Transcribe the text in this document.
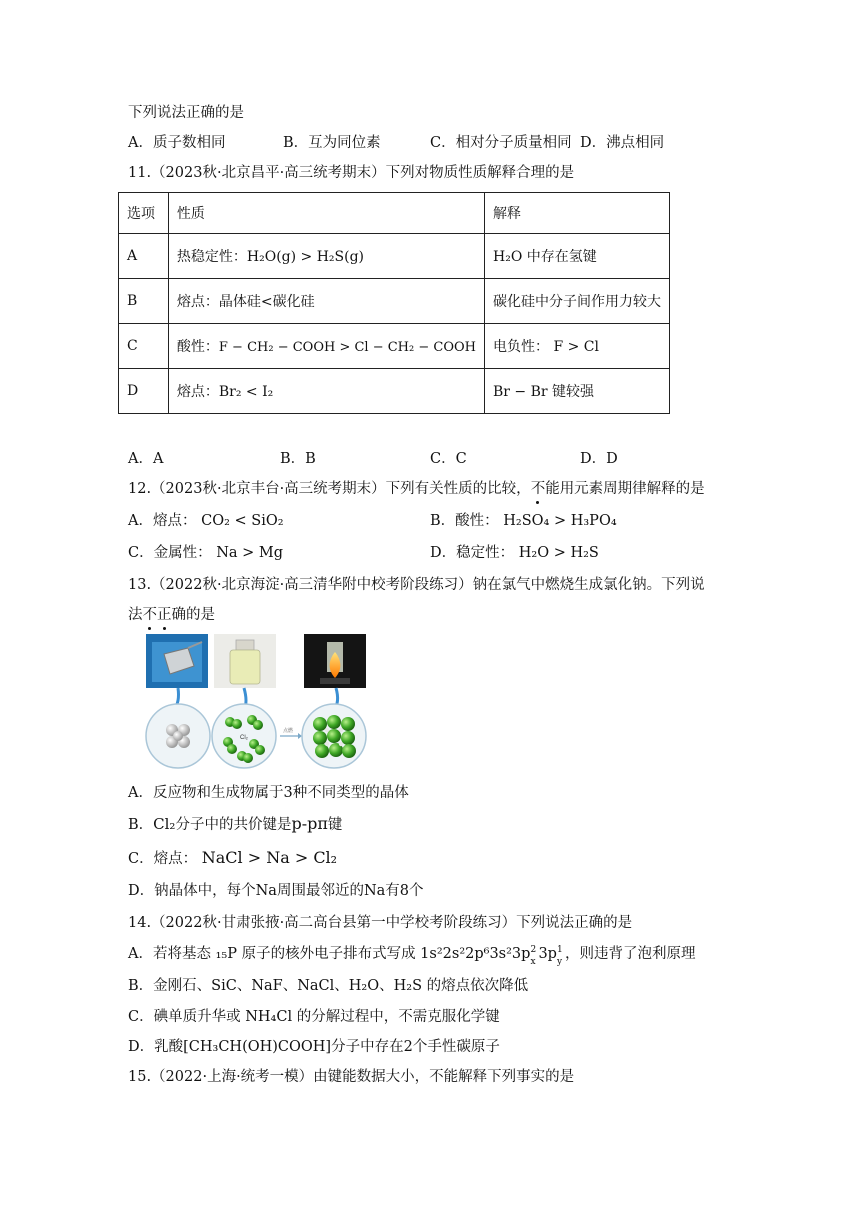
下列说法正确的是
A．质子数相同	B．互为同位素	C．相对分子质量相同 D．沸点相同
11.（2023秋·北京昌平·高三统考期末）下列对物质性质解释合理的是
选项	性质	解释
A	热稳定性：H₂O(g) > H₂S(g)	H₂O 中存在氢键
B	熔点：晶体硅<碳化硅	碳化硅中分子间作用力较大
C	酸性：F − CH₂ − COOH > Cl − CH₂ − COOH	电负性： F > Cl
D	熔点：Br₂ < I₂	Br − Br 键较强
A．A	B．B	C．C	D．D
12.（2023秋·北京丰台·高三统考期末）下列有关性质的比较，不能用元素周期律解释的是
A．熔点： CO₂ < SiO₂	B．酸性： H₂SO₄ > H₃PO₄
C．金属性： Na > Mg	D．稳定性： H₂O > H₂S
13.（2022秋·北京海淀·高三清华附中校考阶段练习）钠在氯气中燃烧生成氯化钠。下列说
法不正确的是
Cl₂
点燃
A．反应物和生成物属于3种不同类型的晶体
B．Cl₂分子中的共价键是p-pπ键
C．熔点： NaCl > Na > Cl₂
D．钠晶体中，每个Na周围最邻近的Na有8个
14.（2022秋·甘肃张掖·高二高台县第一中学校考阶段练习）下列说法正确的是
A．若将基态 ₁₅P 原子的核外电子排布式写成 1s²2s²2p⁶3s²3p 2
x 3p 1
y ，则违背了泡利原理
B．金刚石、SiC、NaF、NaCl、H₂O、H₂S 的熔点依次降低
C．碘单质升华或 NH₄Cl 的分解过程中，不需克服化学键
D．乳酸[CH₃CH(OH)COOH]分子中存在2个手性碳原子
15.（2022·上海·统考一模）由键能数据大小，不能解释下列事实的是
